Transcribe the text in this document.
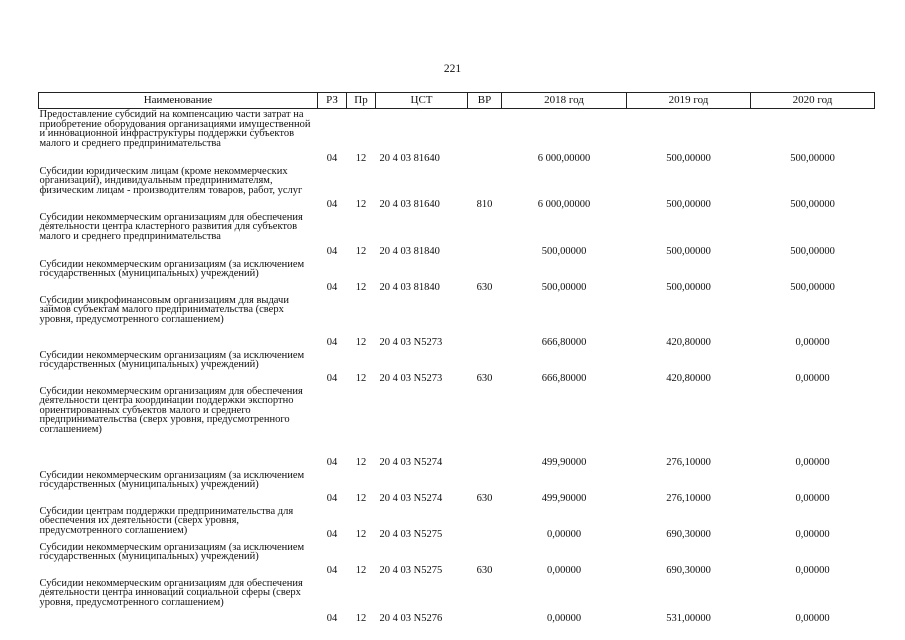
221
Наименование	РЗ	Пр	ЦСТ	ВР	2018 год	2019 год	2020 год
Предоставление субсидий на компенсацию части затрат на приобретение оборудования организациями имущественной и инновационной инфраструктуры поддержки субъектов малого и среднего предпринимательства	04	12	20 4 03 81640		6 000,00000	500,00000	500,00000
Субсидии юридическим лицам (кроме некоммерческих организаций), индивидуальным предпринимателям, физическим лицам - производителям товаров, работ, услуг	04	12	20 4 03 81640	810	6 000,00000	500,00000	500,00000
Субсидии некоммерческим организациям для обеспечения деятельности центра кластерного развития для субъектов малого и среднего предпринимательства	04	12	20 4 03 81840		500,00000	500,00000	500,00000
Субсидии некоммерческим организациям (за исключением государственных (муниципальных) учреждений)	04	12	20 4 03 81840	630	500,00000	500,00000	500,00000
Субсидии микрофинансовым организациям для выдачи займов субъектам малого предпринимательства (сверх уровня, предусмотренного соглашением)	04	12	20 4 03 N5273		666,80000	420,80000	0,00000
Субсидии некоммерческим организациям (за исключением государственных (муниципальных) учреждений)	04	12	20 4 03 N5273	630	666,80000	420,80000	0,00000
Субсидии некоммерческим организациям для обеспечения деятельности центра координации поддержки экспортно ориентированных субъектов малого и среднего предпринимательства (сверх уровня, предусмотренного соглашением)	04	12	20 4 03 N5274		499,90000	276,10000	0,00000
Субсидии некоммерческим организациям (за исключением государственных (муниципальных) учреждений)	04	12	20 4 03 N5274	630	499,90000	276,10000	0,00000
Субсидии центрам поддержки предпринимательства для обеспечения их деятельности (сверх уровня, предусмотренного соглашением)	04	12	20 4 03 N5275		0,00000	690,30000	0,00000
Субсидии некоммерческим организациям (за исключением государственных (муниципальных) учреждений)	04	12	20 4 03 N5275	630	0,00000	690,30000	0,00000
Субсидии некоммерческим организациям для обеспечения деятельности центра инноваций социальной сферы (сверх уровня, предусмотренного соглашением)	04	12	20 4 03 N5276		0,00000	531,00000	0,00000
